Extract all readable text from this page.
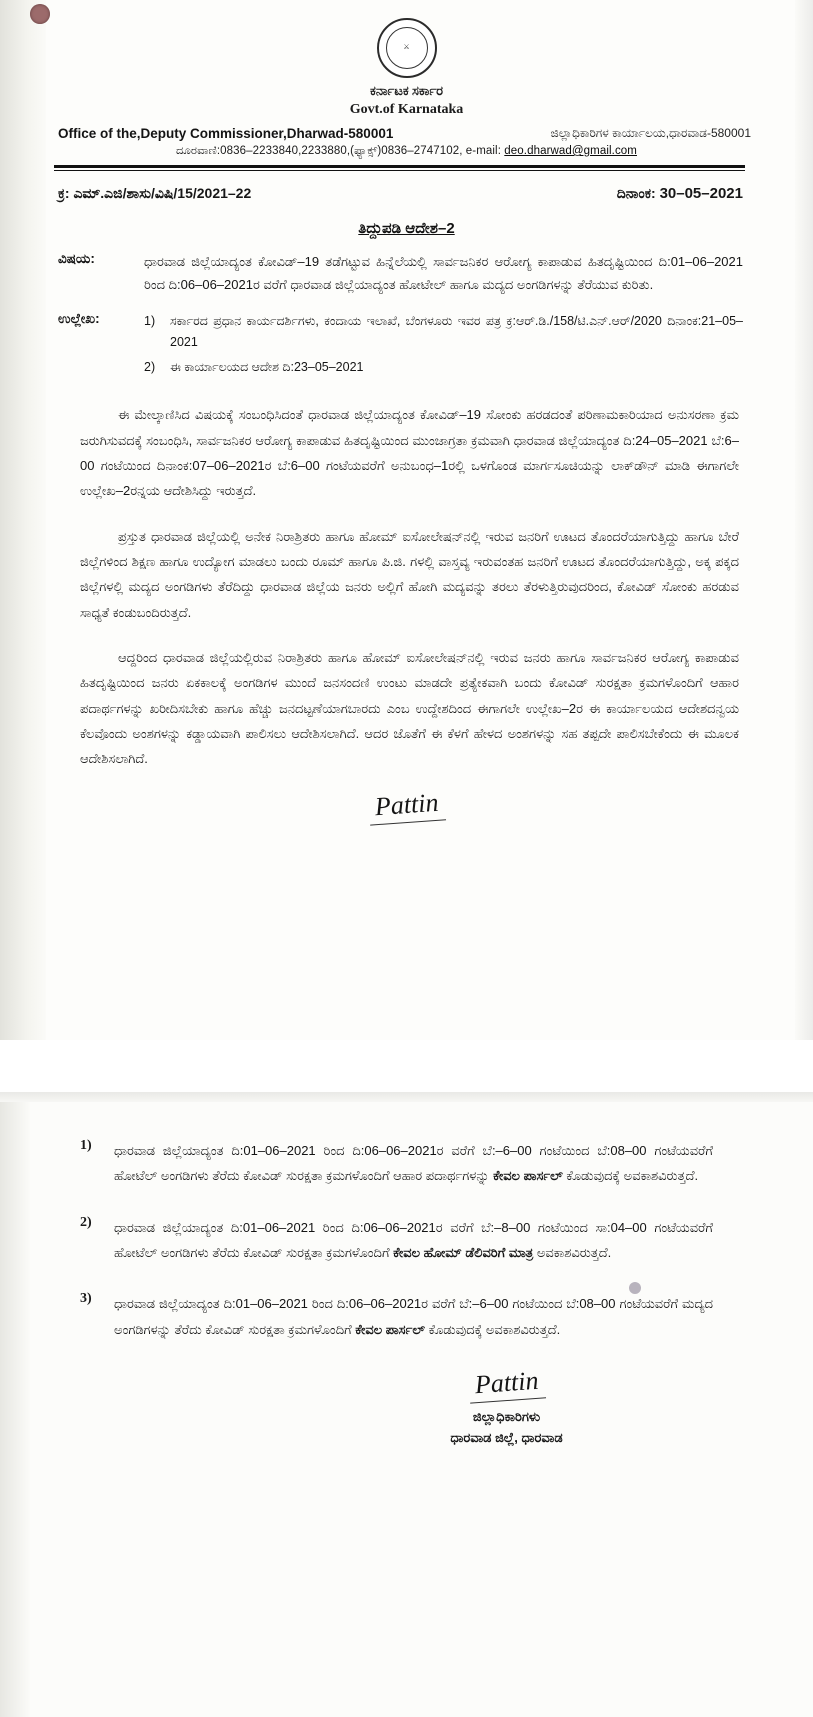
⚔
ಕರ್ನಾಟಕ ಸರ್ಕಾರ
Govt.of Karnataka
Office of the,Deputy Commissioner,Dharwad-580001	ಜಿಲ್ಲಾಧಿಕಾರಿಗಳ ಕಾರ್ಯಾಲಯ,ಧಾರವಾಡ-580001
ದೂರವಾಣಿ:0836–2233840,2233880,(ಫ್ಯಾಕ್ಸ್)0836–2747102, e-mail: deo.dharwad@gmail.com
ಕ್ರ: ಎಮ್.ಎಜಿ/ಶಾಸು/ವಿಷಿ/15/2021–22	ದಿನಾಂಕ: 30–05–2021
ತಿದ್ದುಪಡಿ ಆದೇಶ–2
ವಿಷಯ:	ಧಾರವಾಡ ಜಿಲ್ಲೆಯಾದ್ಯಂತ ಕೋವಿಡ್–19 ತಡೆಗಟ್ಟುವ ಹಿನ್ನೆಲೆಯಲ್ಲಿ ಸಾರ್ವಜನಿಕರ ಆರೋಗ್ಯ ಕಾಪಾಡುವ ಹಿತದೃಷ್ಟಿಯಿಂದ ದಿ:01–06–2021 ರಿಂದ ದಿ:06–06–2021ರ ವರೆಗೆ ಧಾರವಾಡ ಜಿಲ್ಲೆಯಾದ್ಯಂತ ಹೋಟೇಲ್ ಹಾಗೂ ಮದ್ಯದ ಅಂಗಡಿಗಳನ್ನು ತೆರೆಯುವ ಕುರಿತು.
ಉಲ್ಲೇಖ:	1)	ಸರ್ಕಾರದ ಪ್ರಧಾನ ಕಾರ್ಯದರ್ಶಿಗಳು, ಕಂದಾಯ ಇಲಾಖೆ, ಬೆಂಗಳೂರು ಇವರ ಪತ್ರ ಕ್ರ:ಆರ್.ಡಿ./158/ಟಿ.ಎನ್.ಆರ್/2020 ದಿನಾಂಕ:21–05–2021
2)	ಈ ಕಾರ್ಯಾಲಯದ ಆದೇಶ ದಿ:23–05–2021
ಈ ಮೇಲ್ಕಾಣಿಸಿದ ವಿಷಯಕ್ಕೆ ಸಂಬಂಧಿಸಿದಂತೆ ಧಾರವಾಡ ಜಿಲ್ಲೆಯಾದ್ಯಂತ ಕೋವಿಡ್–19 ಸೋಂಕು ಹರಡದಂತೆ ಪರಿಣಾಮಕಾರಿಯಾದ ಅನುಸರಣಾ ಕ್ರಮ ಜರುಗಿಸುವದಕ್ಕೆ ಸಂಬಂಧಿಸಿ, ಸಾರ್ವಜನಿಕರ ಆರೋಗ್ಯ ಕಾಪಾಡುವ ಹಿತದೃಷ್ಟಿಯಿಂದ ಮುಂಜಾಗ್ರತಾ ಕ್ರಮವಾಗಿ ಧಾರವಾಡ ಜಿಲ್ಲೆಯಾದ್ಯಂತ ದಿ:24–05–2021 ಬೆ:6–00 ಗಂಟೆಯಿಂದ ದಿನಾಂಕ:07–06–2021ರ ಬೆ:6–00 ಗಂಟೆಯವರೆಗೆ ಅನುಬಂಧ–1ರಲ್ಲಿ ಒಳಗೊಂಡ ಮಾರ್ಗಸೂಚಿಯನ್ನು ಲಾಕ್‌ಡೌನ್ ಮಾಡಿ ಈಗಾಗಲೇ ಉಲ್ಲೇಖ–2ರನ್ನಯ ಆದೇಶಿಸಿದ್ದು ಇರುತ್ತದೆ.
ಪ್ರಸ್ತುತ ಧಾರವಾಡ ಜಿಲ್ಲೆಯಲ್ಲಿ ಅನೇಕ ನಿರಾಶ್ರಿತರು ಹಾಗೂ ಹೋಮ್ ಐಸೋಲೇಷನ್‌ನಲ್ಲಿ ಇರುವ ಜನರಿಗೆ ಊಟದ ತೊಂದರೆಯಾಗುತ್ತಿದ್ದು ಹಾಗೂ ಬೇರೆ ಜಿಲ್ಲೆಗಳಿಂದ ಶಿಕ್ಷಣ ಹಾಗೂ ಉದ್ಯೋಗ ಮಾಡಲು ಬಂದು ರೂಮ್ ಹಾಗೂ ಪಿ.ಜಿ. ಗಳಲ್ಲಿ ವಾಸ್ತವ್ಯ ಇರುವಂತಹ ಜನರಿಗೆ ಊಟದ ತೊಂದರೆಯಾಗುತ್ತಿದ್ದು, ಅಕ್ಕ ಪಕ್ಕದ ಜಿಲ್ಲೆಗಳಲ್ಲಿ ಮದ್ಯದ ಅಂಗಡಿಗಳು ತೆರೆದಿದ್ದು ಧಾರವಾಡ ಜಿಲ್ಲೆಯ ಜನರು ಅಲ್ಲಿಗೆ ಹೋಗಿ ಮದ್ಯವನ್ನು ತರಲು ತೆರಳುತ್ತಿರುವುದರಿಂದ, ಕೋವಿಡ್ ಸೋಂಕು ಹರಡುವ ಸಾಧ್ಯತೆ ಕಂಡುಬಂದಿರುತ್ತದೆ.
ಆದ್ದರಿಂದ ಧಾರವಾಡ ಜಿಲ್ಲೆಯಲ್ಲಿರುವ ನಿರಾಶ್ರಿತರು ಹಾಗೂ ಹೋಮ್ ಐಸೋಲೇಷನ್‌ನಲ್ಲಿ ಇರುವ ಜನರು ಹಾಗೂ ಸಾರ್ವಜನಿಕರ ಆರೋಗ್ಯ ಕಾಪಾಡುವ ಹಿತದೃಷ್ಟಿಯಿಂದ ಜನರು ಏಕಕಾಲಕ್ಕೆ ಅಂಗಡಿಗಳ ಮುಂದೆ ಜನಸಂದಣಿ ಉಂಟು ಮಾಡದೇ ಪ್ರತ್ಯೇಕವಾಗಿ ಬಂದು ಕೋವಿಡ್ ಸುರಕ್ಷತಾ ಕ್ರಮಗಳೊಂದಿಗೆ ಆಹಾರ ಪದಾರ್ಥಗಳನ್ನು ಖರೀದಿಸಬೇಕು ಹಾಗೂ ಹೆಚ್ಚು ಜನದಟ್ಟಣೆಯಾಗಬಾರದು ಎಂಬ ಉದ್ದೇಶದಿಂದ ಈಗಾಗಲೇ ಉಲ್ಲೇಖ–2ರ ಈ ಕಾರ್ಯಾಲಯದ ಆದೇಶದನ್ವಯ ಕೆಲವೊಂದು ಅಂಶಗಳನ್ನು ಕಡ್ಡಾಯವಾಗಿ ಪಾಲಿಸಲು ಆದೇಶಿಸಲಾಗಿದೆ. ಆದರ ಜೊತೆಗೆ ಈ ಕೆಳಗೆ ಹೇಳದ ಅಂಶಗಳನ್ನು ಸಹ ತಪ್ಪದೇ ಪಾಲಿಸಬೇಕೆಂದು ಈ ಮೂಲಕ ಆದೇಶಿಸಲಾಗಿದೆ.
Pattin
1)	ಧಾರವಾಡ ಜಿಲ್ಲೆಯಾದ್ಯಂತ ದಿ:01–06–2021 ರಿಂದ ದಿ:06–06–2021ರ ವರೆಗೆ ಬೆ:–6–00 ಗಂಟೆಯಿಂದ ಬೆ:08–00 ಗಂಟೆಯವರೆಗೆ ಹೋಟೆಲ್ ಅಂಗಡಿಗಳು ತೆರೆದು ಕೋವಿಡ್ ಸುರಕ್ಷತಾ ಕ್ರಮಗಳೊಂದಿಗೆ ಆಹಾರ ಪದಾರ್ಥಗಳನ್ನು ಕೇವಲ ಪಾರ್ಸಲ್ ಕೊಡುವುದಕ್ಕೆ ಅವಕಾಶವಿರುತ್ತದೆ.
2)	ಧಾರವಾಡ ಜಿಲ್ಲೆಯಾದ್ಯಂತ ದಿ:01–06–2021 ರಿಂದ ದಿ:06–06–2021ರ ವರೆಗೆ ಬೆ:–8–00 ಗಂಟೆಯಿಂದ ಸಾ:04–00 ಗಂಟೆಯವರೆಗೆ ಹೋಟೆಲ್ ಅಂಗಡಿಗಳು ತೆರೆದು ಕೋವಿಡ್ ಸುರಕ್ಷತಾ ಕ್ರಮಗಳೊಂದಿಗೆ ಕೇವಲ ಹೋಮ್ ಡೆಲಿವರಿಗೆ ಮಾತ್ರ ಅವಕಾಶವಿರುತ್ತದೆ.
3)	ಧಾರವಾಡ ಜಿಲ್ಲೆಯಾದ್ಯಂತ ದಿ:01–06–2021 ರಿಂದ ದಿ:06–06–2021ರ ವರೆಗೆ ಬೆ:–6–00 ಗಂಟೆಯಿಂದ ಬೆ:08–00 ಗಂಟೆಯವರೆಗೆ ಮದ್ಯದ ಅಂಗಡಿಗಳನ್ನು ತೆರೆದು ಕೋವಿಡ್ ಸುರಕ್ಷತಾ ಕ್ರಮಗಳೊಂದಿಗೆ ಕೇವಲ ಪಾರ್ಸಲ್ ಕೊಡುವುದಕ್ಕೆ ಅವಕಾಶವಿರುತ್ತದೆ.
Pattin
ಜಿಲ್ಲಾಧಿಕಾರಿಗಳು
ಧಾರವಾಡ ಜಿಲ್ಲೆ, ಧಾರವಾಡ
